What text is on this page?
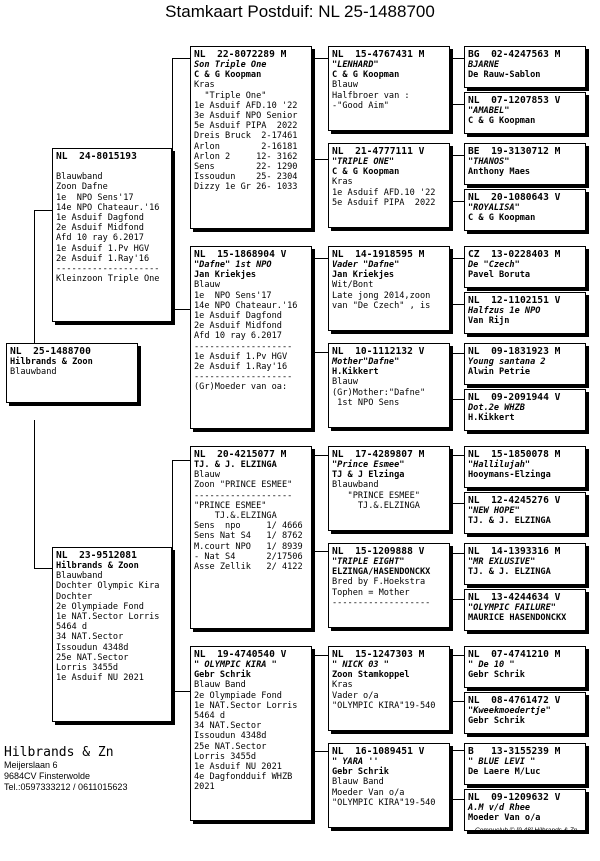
Stamkaart Postduif: NL 25-1488700
NL  25-1488700
Hilbrands & Zoon
Blauwband
NL  24-8015193

Blauwband
Zoon Dafne
1e  NPO Sens'17
14e NPO Chateaur.'16
1e Asduif Dagfond
2e Asduif Midfond
Afd 10 ray 6.2017
1e Asduif 1.Pv HGV
2e Asduif 1.Ray'16
--------------------
Kleinzoon Triple One
NL  23-9512081
Hilbrands & Zoon
Blauwband
Dochter Olympic Kira
Dochter
2e Olympiade Fond
1e NAT.Sector Lorris
5464 d
34 NAT.Sector
Issoudun 4348d
25e NAT.Sector
Lorris 3455d
1e Asduif NU 2021
NL  22-8072289 M
Son Triple One
C & G Koopman
Kras
"Triple One"
1e Asduif AFD.10 '22
3e Asduif NPO Senior
5e Asduif PIPA  2022
Dreis Bruck  2-17461
Arlon        2-16181
Arlon 2     12- 3162
Sens        22- 1290
Issoudun    25- 2304
Dizzy 1e Gr 26- 1033
NL  15-1868904 V
"Dafne" 1st NPO
Jan Kriekjes
Blauw
1e  NPO Sens'17
14e NPO Chateaur.'16
1e Asduif Dagfond
2e Asduif Midfond
Afd 10 ray 6.2017
-------------------
1e Asduif 1.Pv HGV
2e Asduif 1.Ray'16
-------------------
(Gr)Moeder van oa:
NL  20-4215077 M
TJ. & J. ELZINGA
Blauw
Zoon "PRINCE ESMEE"
-------------------
"PRINCE ESMEE"
TJ.&.ELZINGA
Sens  npo     1/ 4666
Sens Nat S4   1/ 8762
M.court NPO   1/ 8939
- Nat S4      2/17506
Asse Zellik   2/ 4122
NL  19-4740540 V
" OLYMPIC KIRA "
Gebr Schrik
Blauw Band
2e Olympiade Fond
1e NAT.Sector Lorris
5464 d
34 NAT.Sector
Issoudun 4348d
25e NAT.Sector
Lorris 3455d
1e Asduif NU 2021
4e Dagfondduif WHZB
2021
NL  15-4767431 M
"LENHARD"
C & G Koopman
Blauw
Halfbroer van :
-"Good Aim"
NL  21-4777111 V
"TRIPLE ONE"
C & G Koopman
Kras
1e Asduif AFD.10 '22
5e Asduif PIPA  2022
NL  14-1918595 M
Vader "Dafne"
Jan Kriekjes
Wit/Bont
Late jong 2014,zoon
van "De Czech" , is
NL  10-1112132 V
Mother"Dafne"
H.Kikkert
Blauw
(Gr)Mother:"Dafne"
1st NPO Sens
NL  17-4289807 M
"Prince Esmee"
TJ & J Elzinga
Blauwband
"PRINCE ESMEE"
TJ.&.ELZINGA
NL  15-1209888 V
"TRIPLE EIGHT"
ELZINGA/HASENDONCKX
Bred by F.Hoekstra
Tophen = Mother
-------------------
NL  15-1247303 M
" NICK 03 "
Zoon Stamkoppel
Kras
Vader o/a
"OLYMPIC KIRA"19-540
NL  16-1089451 V
" YARA ''
Gebr Schrik
Blauw Band
Moeder Van o/a
"OLYMPIC KIRA"19-540
BG  02-4247563 M
BJARNE
De Rauw-Sablon
NL  07-1207853 V
"AMABEL"
C & G Koopman
BE  19-3130712 M
"THANOS"
Anthony Maes
NL  20-1080643 V
"ROYALISA"
C & G Koopman
CZ  13-0228403 M
De "Czech"
Pavel Boruta
NL  12-1102151 V
Halfzus 1e NPO
Van Rijn
NL  09-1831923 M
Young santana 2
Alwin Petrie
NL  09-2091944 V
Dot.2e WHZB
H.Kikkert
NL  15-1850078 M
"Hallilujah"
Hooymans-Elzinga
NL  12-4245276 V
"NEW HOPE"
TJ. & J. ELZINGA
NL  14-1393316 M
"MR EXLUSIVE"
TJ. & J. ELZINGA
NL  13-4244634 V
"OLYMPIC FAILURE"
MAURICE HASENDONCKX
NL  07-4741210 M
" De 10 "
Gebr Schrik
NL  08-4761472 V
"Kweekmoedertje"
Gebr Schrik
B   13-3155239 M
" BLUE LEVI "
De Laere M/Luc
NL  09-1209632 V
A.M v/d Rhee
Moeder Van o/a
Hilbrands & Zn
Meijerslaan 6
9684CV Finsterwolde
Tel.:0597333212 / 0611015623
Compuclub © [9.48] Hilbrands & Zn
